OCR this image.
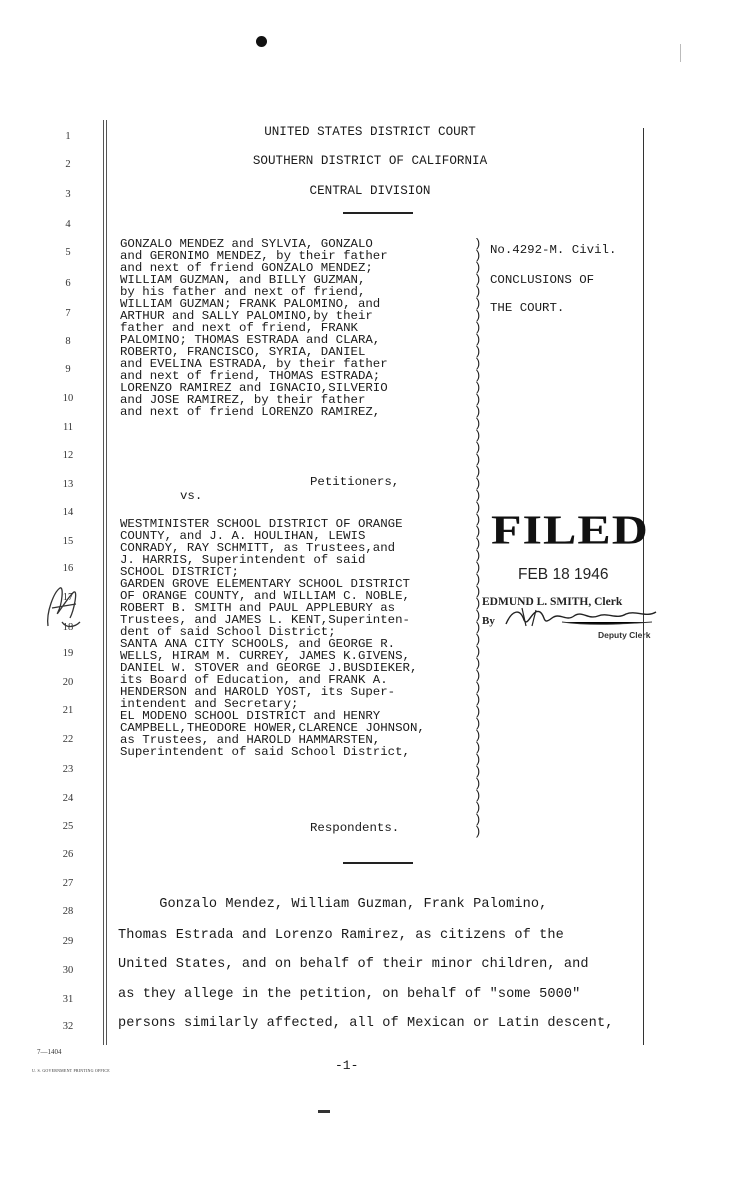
1
2
3
4
5
6
7
8
9
10
11
12
13
14
15
16
17
18
19
20
21
22
23
24
25
26
27
28
29
30
31
32
UNITED STATES DISTRICT COURT
SOUTHERN DISTRICT OF CALIFORNIA
CENTRAL DIVISION
GONZALO MENDEZ and SYLVIA, GONZALO
and GERONIMO MENDEZ, by their father
and next of friend GONZALO MENDEZ;
WILLIAM GUZMAN, and BILLY GUZMAN,
by his father and next of friend,
WILLIAM GUZMAN; FRANK PALOMINO, and
ARTHUR and SALLY PALOMINO,by their
father and next of friend, FRANK
PALOMINO; THOMAS ESTRADA and CLARA,
ROBERTO, FRANCISCO, SYRIA, DANIEL
and EVELINA ESTRADA, by their father
and next of friend, THOMAS ESTRADA;
LORENZO RAMIREZ and IGNACIO,SILVERIO
and JOSE RAMIREZ, by their father
and next of friend LORENZO RAMIREZ,
Petitioners,
vs.
WESTMINISTER SCHOOL DISTRICT OF ORANGE
COUNTY, and J. A. HOULIHAN, LEWIS
CONRADY, RAY SCHMITT, as Trustees,and
J. HARRIS, Superintendent of said
SCHOOL DISTRICT;
GARDEN GROVE ELEMENTARY SCHOOL DISTRICT
OF ORANGE COUNTY, and WILLIAM C. NOBLE,
ROBERT B. SMITH and PAUL APPLEBURY as
Trustees, and JAMES L. KENT,Superinten-
dent of said School District;
SANTA ANA CITY SCHOOLS, and GEORGE R.
WELLS, HIRAM M. CURREY, JAMES K.GIVENS,
DANIEL W. STOVER and GEORGE J.BUSDIEKER,
its Board of Education, and FRANK A.
HENDERSON and HAROLD YOST, its Super-
intendent and Secretary;
EL MODENO SCHOOL DISTRICT and HENRY
CAMPBELL,THEODORE HOWER,CLARENCE JOHNSON,
as Trustees, and HAROLD HAMMARSTEN,
Superintendent of said School District,
Respondents.
)
)
)
)
)
)
)
)
)
)
)
)
)
)
)
)
)
)
)
)
)
)
)
)
)
)
)
)
)
)
)
)
)
)
)
)
)
)
)
)
)
)
)
)
)
)
)
)
)
)
No.4292-M. Civil.
CONCLUSIONS OF
THE COURT.
FILED
FEB 18 1946
EDMUND L. SMITH, Clerk
By
Deputy Clerk
Gonzalo Mendez, William Guzman, Frank Palomino,
Thomas Estrada and Lorenzo Ramirez, as citizens of the
United States, and on behalf of their minor children, and
as they allege in the petition, on behalf of "some 5000"
persons similarly affected, all of Mexican or Latin descent,
7—1404
-1-
U. S. GOVERNMENT PRINTING OFFICE
